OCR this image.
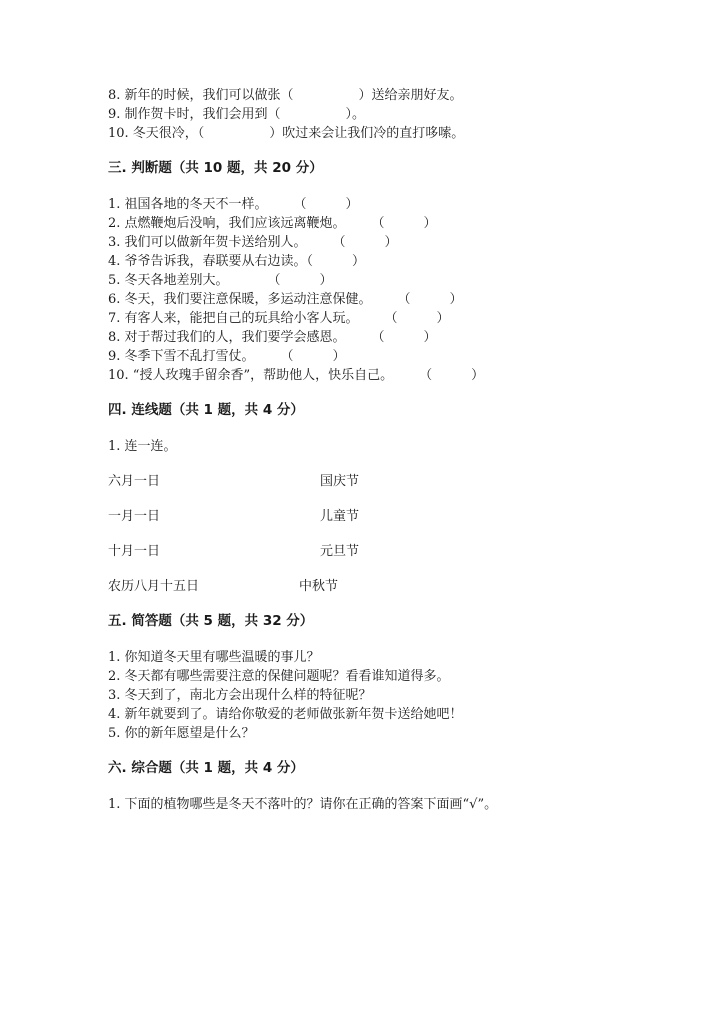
8. 新年的时候，我们可以做张（　　　　　）送给亲朋好友。
9. 制作贺卡时，我们会用到（　　　　　）。
10. 冬天很冷，（　　　　　）吹过来会让我们冷的直打哆嗦。
三. 判断题（共 10 题，共 20 分）
1. 祖国各地的冬天不一样。　　　（　　　）
2. 点燃鞭炮后没响，我们应该远离鞭炮。　　　（　　　）
3. 我们可以做新年贺卡送给别人。　　　（　　　）
4. 爷爷告诉我，春联要从右边读。（　　　）
5. 冬天各地差别大。　　　　（　　　）
6. 冬天，我们要注意保暖，多运动注意保健。　　　（　　　）
7. 有客人来，能把自己的玩具给小客人玩。　　　（　　　）
8. 对于帮过我们的人，我们要学会感恩。　　　（　　　）
9. 冬季下雪不乱打雪仗。　　　（　　　）
10. “授人玫瑰手留余香”，帮助他人，快乐自己。　　　（　　　）
四. 连线题（共 1 题，共 4 分）
1. 连一连。
六月一日	国庆节
一月一日	儿童节
十月一日	元旦节
农历八月十五日	中秋节
五. 简答题（共 5 题，共 32 分）
1. 你知道冬天里有哪些温暖的事儿？
2. 冬天都有哪些需要注意的保健问题呢？看看谁知道得多。
3. 冬天到了，南北方会出现什么样的特征呢？
4. 新年就要到了。请给你敬爱的老师做张新年贺卡送给她吧！
5. 你的新年愿望是什么？
六. 综合题（共 1 题，共 4 分）
1. 下面的植物哪些是冬天不落叶的？请你在正确的答案下面画“√”。
